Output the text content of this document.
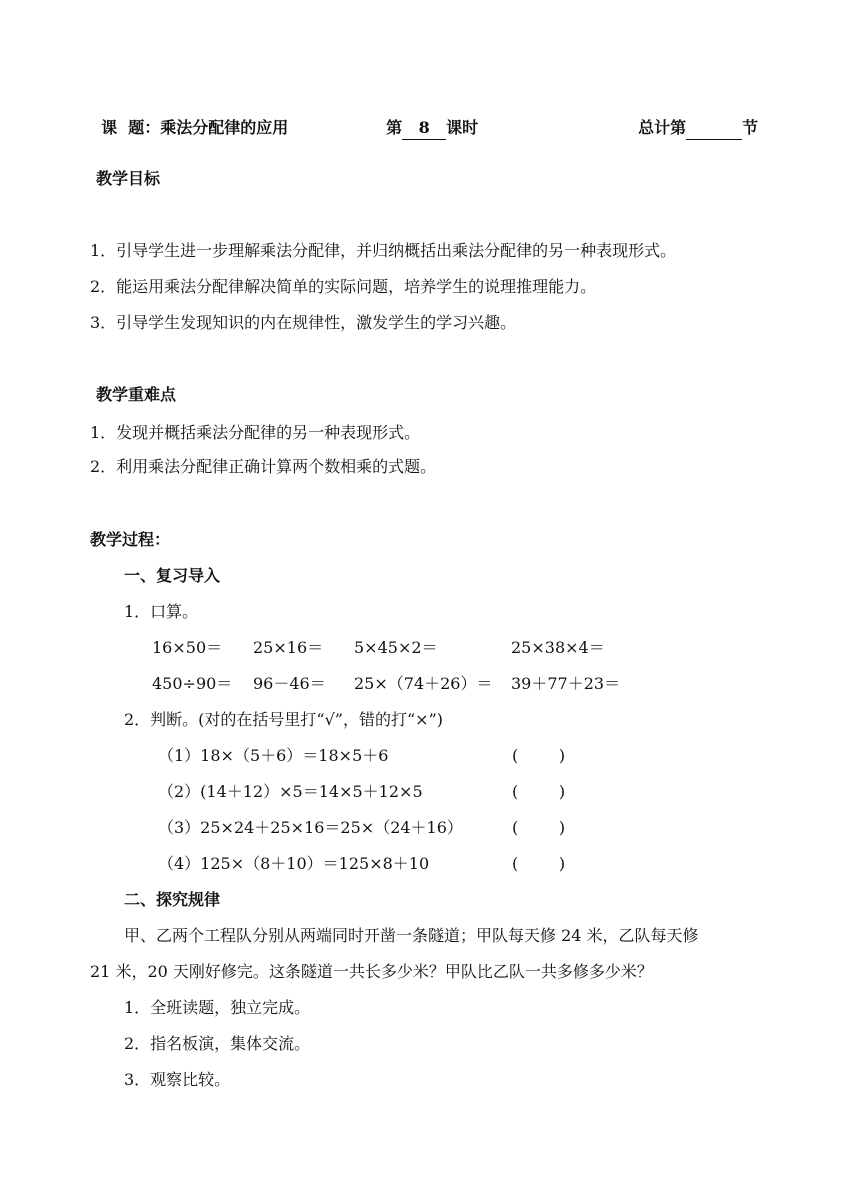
课  题：乘法分配律的应用	第 8 课时	总计第	节

教学目标
1．引导学生进一步理解乘法分配律，并归纳概括出乘法分配律的另一种表现形式。
2．能运用乘法分配律解决简单的实际问题，培养学生的说理推理能力。
3．引导学生发现知识的内在规律性，激发学生的学习兴趣。
教学重难点
1．发现并概括乘法分配律的另一种表现形式。
2．利用乘法分配律正确计算两个数相乘的式题。
教学过程：
一、复习导入
1．口算。
16×50＝ 25×16＝ 5×45×2＝	25×38×4＝
450÷90＝ 96－46＝ 25×（74＋26）＝ 39＋77＋23＝
2．判断。(对的在括号里打“√”，错的打“×”)
（1）18×（5＋6）＝18×5＋6	(        )
（2）(14＋12）×5＝14×5＋12×5	(        )
（3）25×24＋25×16＝25×（24＋16）	(        )
（4）125×（8＋10）＝125×8＋10	(        )
二、探究规律
甲、乙两个工程队分别从两端同时开凿一条隧道；甲队每天修 24 米，乙队每天修
21 米，20 天刚好修完。这条隧道一共长多少米？甲队比乙队一共多修多少米？
1．全班读题，独立完成。
2．指名板演，集体交流。
3．观察比较。
